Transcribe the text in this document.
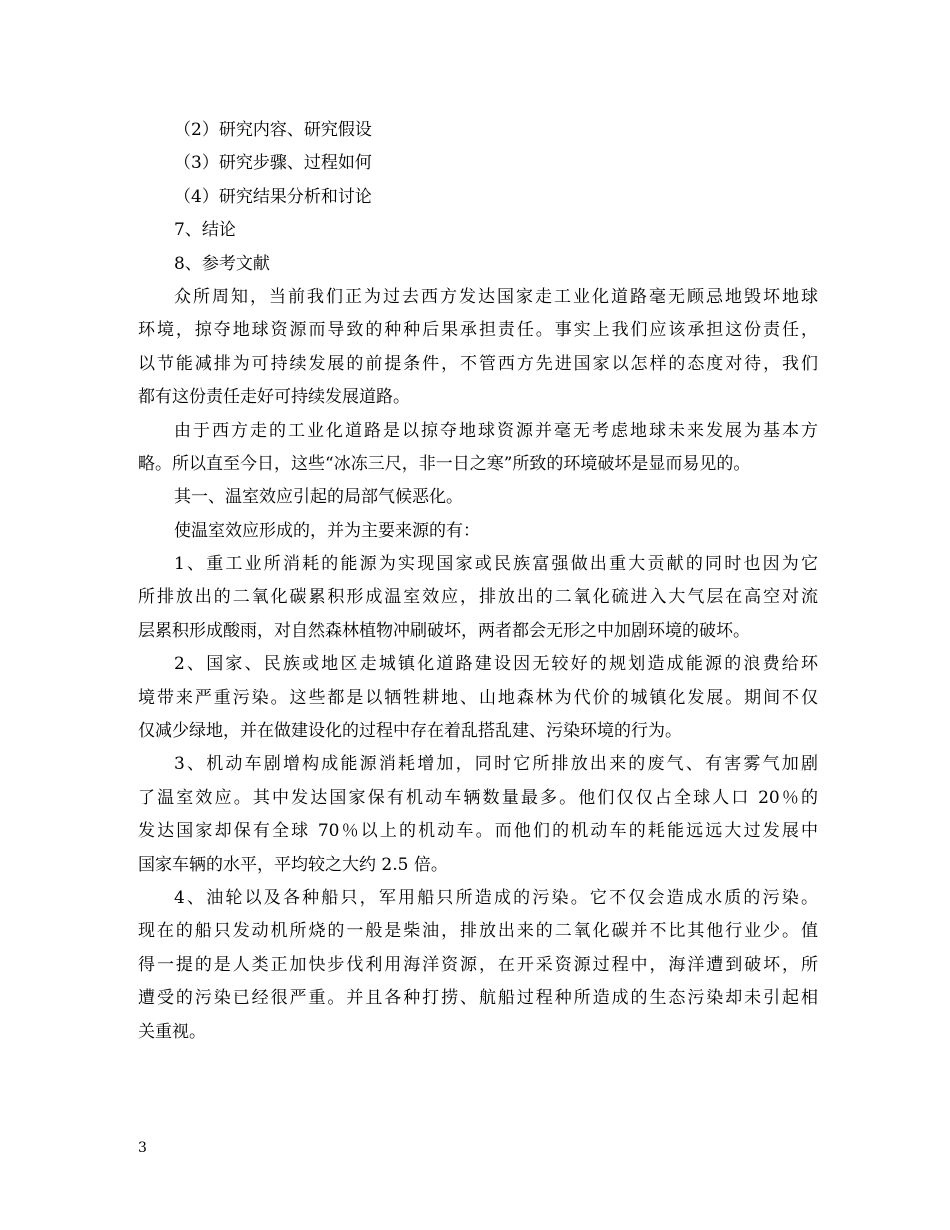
（2）研究内容、研究假设
（3）研究步骤、过程如何
（4）研究结果分析和讨论
7、结论
8、参考文献
众所周知，当前我们正为过去西方发达国家走工业化道路毫无顾忌地毁坏地球
环境，掠夺地球资源而导致的种种后果承担责任。事实上我们应该承担这份责任，
以节能减排为可持续发展的前提条件，不管西方先进国家以怎样的态度对待，我们
都有这份责任走好可持续发展道路。
由于西方走的工业化道路是以掠夺地球资源并毫无考虑地球未来发展为基本方
略。所以直至今日，这些“冰冻三尺，非一日之寒”所致的环境破坏是显而易见的。
其一、温室效应引起的局部气候恶化。
使温室效应形成的，并为主要来源的有：
1、重工业所消耗的能源为实现国家或民族富强做出重大贡献的同时也因为它
所排放出的二氧化碳累积形成温室效应，排放出的二氧化硫进入大气层在高空对流
层累积形成酸雨，对自然森林植物冲刷破坏，两者都会无形之中加剧环境的破坏。
2、国家、民族或地区走城镇化道路建设因无较好的规划造成能源的浪费给环
境带来严重污染。这些都是以牺牲耕地、山地森林为代价的城镇化发展。期间不仅
仅减少绿地，并在做建设化的过程中存在着乱搭乱建、污染环境的行为。
3、机动车剧增构成能源消耗增加，同时它所排放出来的废气、有害雾气加剧
了温室效应。其中发达国家保有机动车辆数量最多。他们仅仅占全球人口 20％的
发达国家却保有全球 70％以上的机动车。而他们的机动车的耗能远远大过发展中
国家车辆的水平，平均较之大约 2.5 倍。
4、油轮以及各种船只，军用船只所造成的污染。它不仅会造成水质的污染。
现在的船只发动机所烧的一般是柴油，排放出来的二氧化碳并不比其他行业少。值
得一提的是人类正加快步伐利用海洋资源，在开采资源过程中，海洋遭到破坏，所
遭受的污染已经很严重。并且各种打捞、航船过程种所造成的生态污染却未引起相
关重视。
3
